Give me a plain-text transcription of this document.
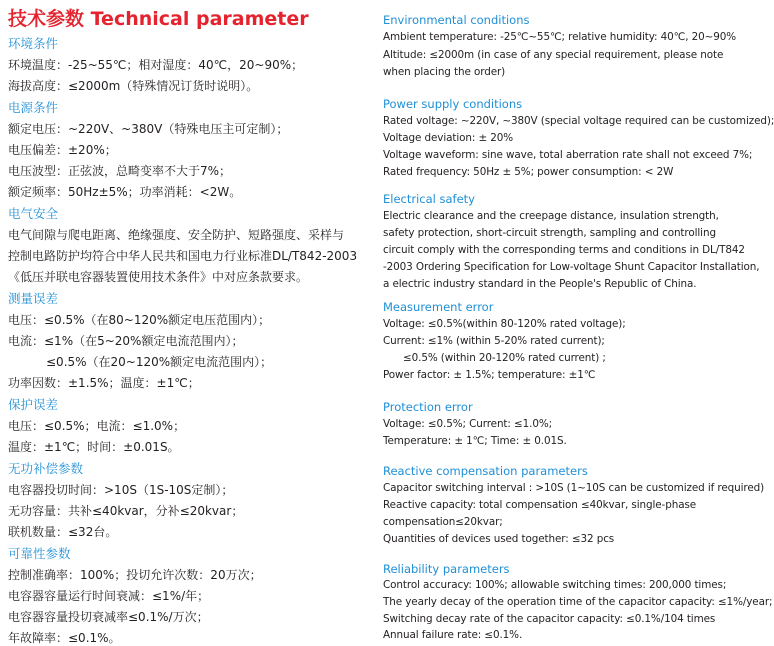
技术参数 Technical parameter
环境条件
环境温度：-25~55℃；相对湿度：40℃，20~90%；
海拔高度：≤2000m（特殊情况订货时说明）。
电源条件
额定电压：~220V、~380V（特殊电压主可定制）；
电压偏差：±20%；
电压波型：正弦波，总畸变率不大于7%；
额定频率：50Hz±5%；功率消耗：<2W。
电气安全
电气间隙与爬电距离、绝缘强度、安全防护、短路强度、采样与
控制电路防护均符合中华人民共和国电力行业标准DL/T842-2003
《低压并联电容器装置使用技术条件》中对应条款要求。
测量误差
电压：≤0.5%（在80~120%额定电压范围内）；
电流：≤1%（在5~20%额定电流范围内）；
≤0.5%（在20~120%额定电流范围内）；
功率因数：±1.5%；温度：±1℃；
保护误差
电压：≤0.5%；电流：≤1.0%；
温度：±1℃；时间：±0.01S。
无功补偿参数
电容器投切时间：>10S（1S-10S定制）；
无功容量：共补≤40kvar，分补≤20kvar；
联机数量：≤32台。
可靠性参数
控制准确率：100%；投切允许次数：20万次；
电容器容量运行时间衰减：≤1%/年；
电容器容量投切衰减率≤0.1%/万次；
年故障率：≤0.1%。
Environmental conditions
Ambient temperature: -25℃~55℃; relative humidity: 40℃, 20~90%
Altitude: ≤2000m (in case of any special requirement, please note
when placing the order)
Power supply conditions
Rated voltage: ~220V, ~380V (special voltage required can be customized);
Voltage deviation: ± 20%
Voltage waveform: sine wave, total aberration rate shall not exceed 7%;
Rated frequency: 50Hz ± 5%; power consumption: < 2W
Electrical safety
Electric clearance and the creepage distance, insulation strength,
safety protection, short-circuit strength, sampling and controlling
circuit comply with the corresponding terms and conditions in DL/T842
-2003 Ordering Specification for Low-voltage Shunt Capacitor Installation,
a electric industry standard in the People's Republic of China.
Measurement error
Voltage: ≤0.5%(within 80-120% rated voltage);
Current: ≤1% (within 5-20% rated current);
≤0.5% (within 20-120% rated current) ;
Power factor: ± 1.5%; temperature: ±1℃
Protection error
Voltage: ≤0.5%; Current: ≤1.0%;
Temperature: ± 1℃; Time: ± 0.01S.
Reactive compensation parameters
Capacitor switching interval : >10S (1~10S can be customized if required)
Reactive capacity: total compensation ≤40kvar, single-phase
compensation≤20kvar;
Quantities of devices used together: ≤32 pcs
Reliability parameters
Control accuracy: 100%; allowable switching times: 200,000 times;
The yearly decay of the operation time of the capacitor capacity: ≤1%/year;
Switching decay rate of the capacitor capacity: ≤0.1%/104 times
Annual failure rate: ≤0.1%.
